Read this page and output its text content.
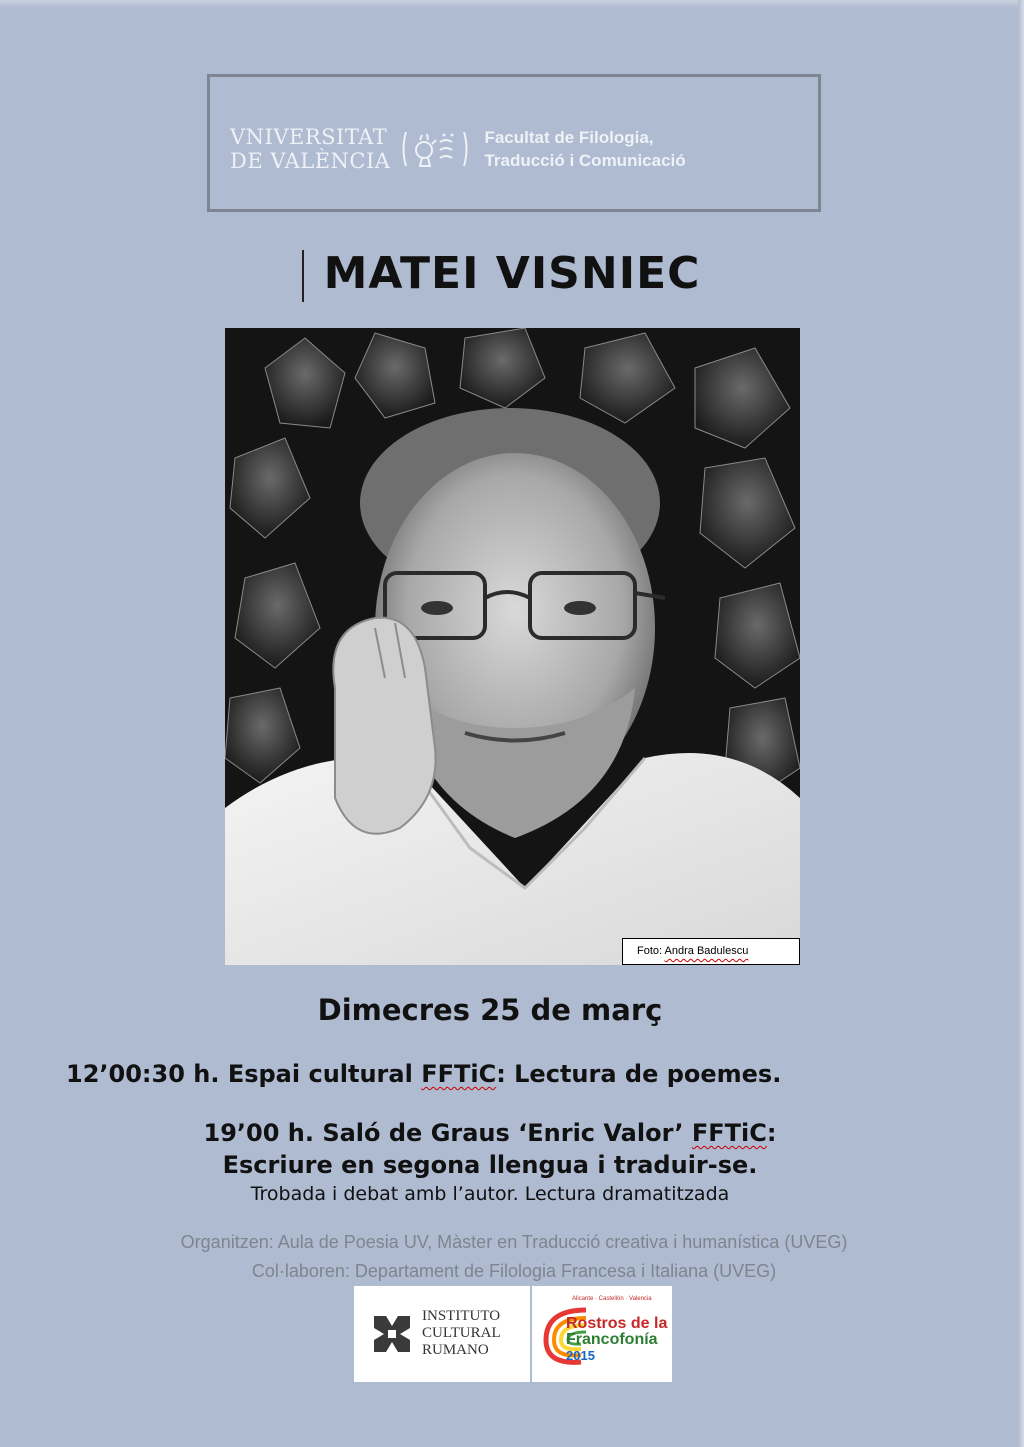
VNIVERSITAT
DE VALÈNCIA
Facultat de Filologia,
Traducció i Comunicació
MATEI VISNIEC
Foto: Andra Badulescu
Dimecres 25 de març
12’00:30 h. Espai cultural FFTiC: Lectura de poemes.
19’00 h. Saló de Graus ‘Enric Valor’ FFTiC:
Escriure en segona llengua i traduir-se.
Trobada i debat amb l’autor. Lectura dramatitzada
Organitzen: Aula de Poesia UV, Màster en Traducció creativa i humanística (UVEG)
Col·laboren: Departament de Filologia Francesa i Italiana (UVEG)
INSTITUTO
CULTURAL
RUMANO
Alicante · Castellón · Valencia
Rostros de la
Francofonía
2015
